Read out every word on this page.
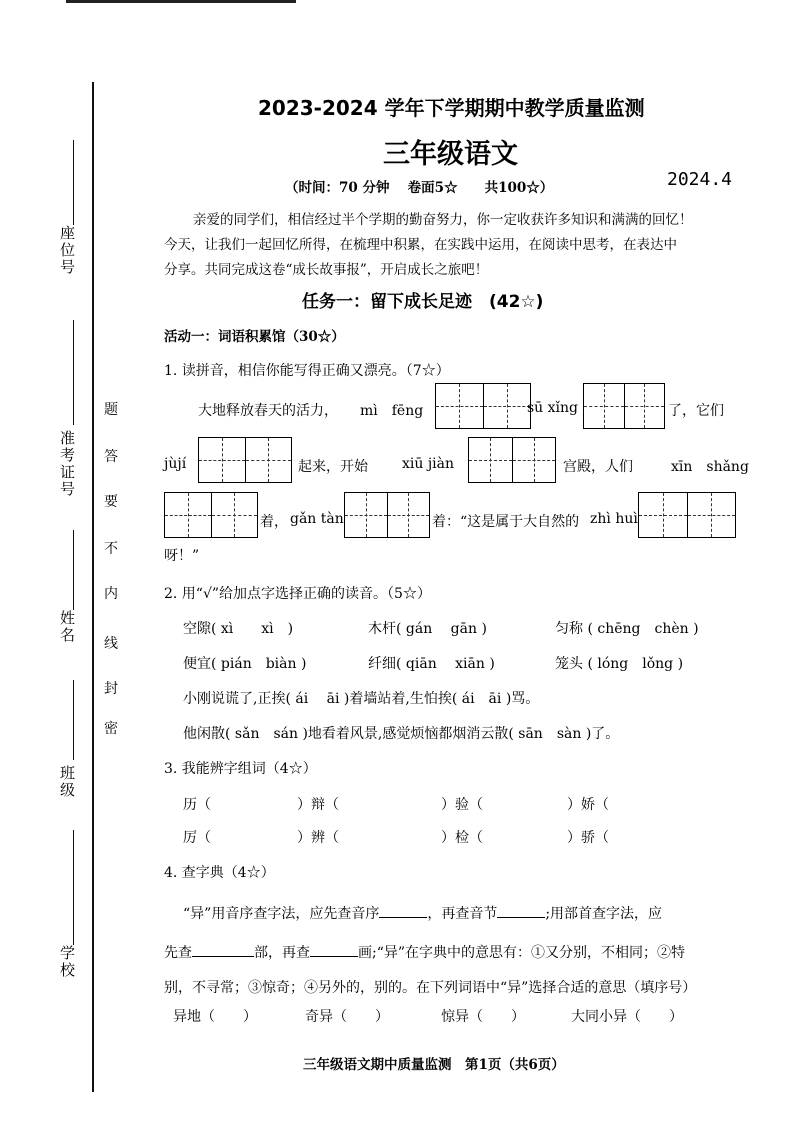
座位号
准考证号
姓名
班级
学校
密
封
线
内
不
要
答
题
2023-2024 学年下学期期中教学质量监测
三年级语文
（时间：70 分钟　 卷面5☆　　共100☆）	2024.4
亲爱的同学们，相信经过半个学期的勤奋努力，你一定收获许多知识和满满的回忆！
今天，让我们一起回忆所得，在梳理中积累，在实践中运用，在阅读中思考，在表达中
分享。共同完成这卷“成长故事报”，开启成长之旅吧！
任务一：留下成长足迹　(42☆)
活动一：词语积累馆（30☆）
1. 读拼音，相信你能写得正确又漂亮。（7☆）
大地释放春天的活力， mì　fēng	sū xǐng	了，它们
jùjí	起来，开始 xiū jiàn	宫殿，人们	xīn　shǎng
着， gǎn tàn	着：“这是属于大自然的 zhì huì
呀！”
2. 用“√”给加点字选择正确的读音。（5☆）
空隙( xì　　xì　)	木杆( gán　 gān )	匀称 ( chēng　chèn )
便宜( pián　biàn )	纤细( qiān　 xiān )	笼头 ( lóng　lǒng )
小刚说谎了,正挨( ái　 āi )着墙站着,生怕挨( ái　āi )骂。
他闲散( sǎn　sán )地看着风景,感觉烦恼都烟消云散( sān　sàn )了。
3. 我能辨字组词（4☆）
历（	）辩（	）验（	）娇（
厉（	）辨（	）检（	）骄（
4. 查字典（4☆）
“异”用音序查字法，应先查音序	，再查音节	;用部首查字法，应
先查	部，再查	画;“异”在字典中的意思有：①又分别，不相同；②特
别，不寻常；③惊奇；④另外的，别的。在下列词语中“异”选择合适的意思（填序号）
异地（　　）	奇异（　　）	惊异（　　）	大同小异（　　）
三年级语文期中质量监测　第1页（共6页）
